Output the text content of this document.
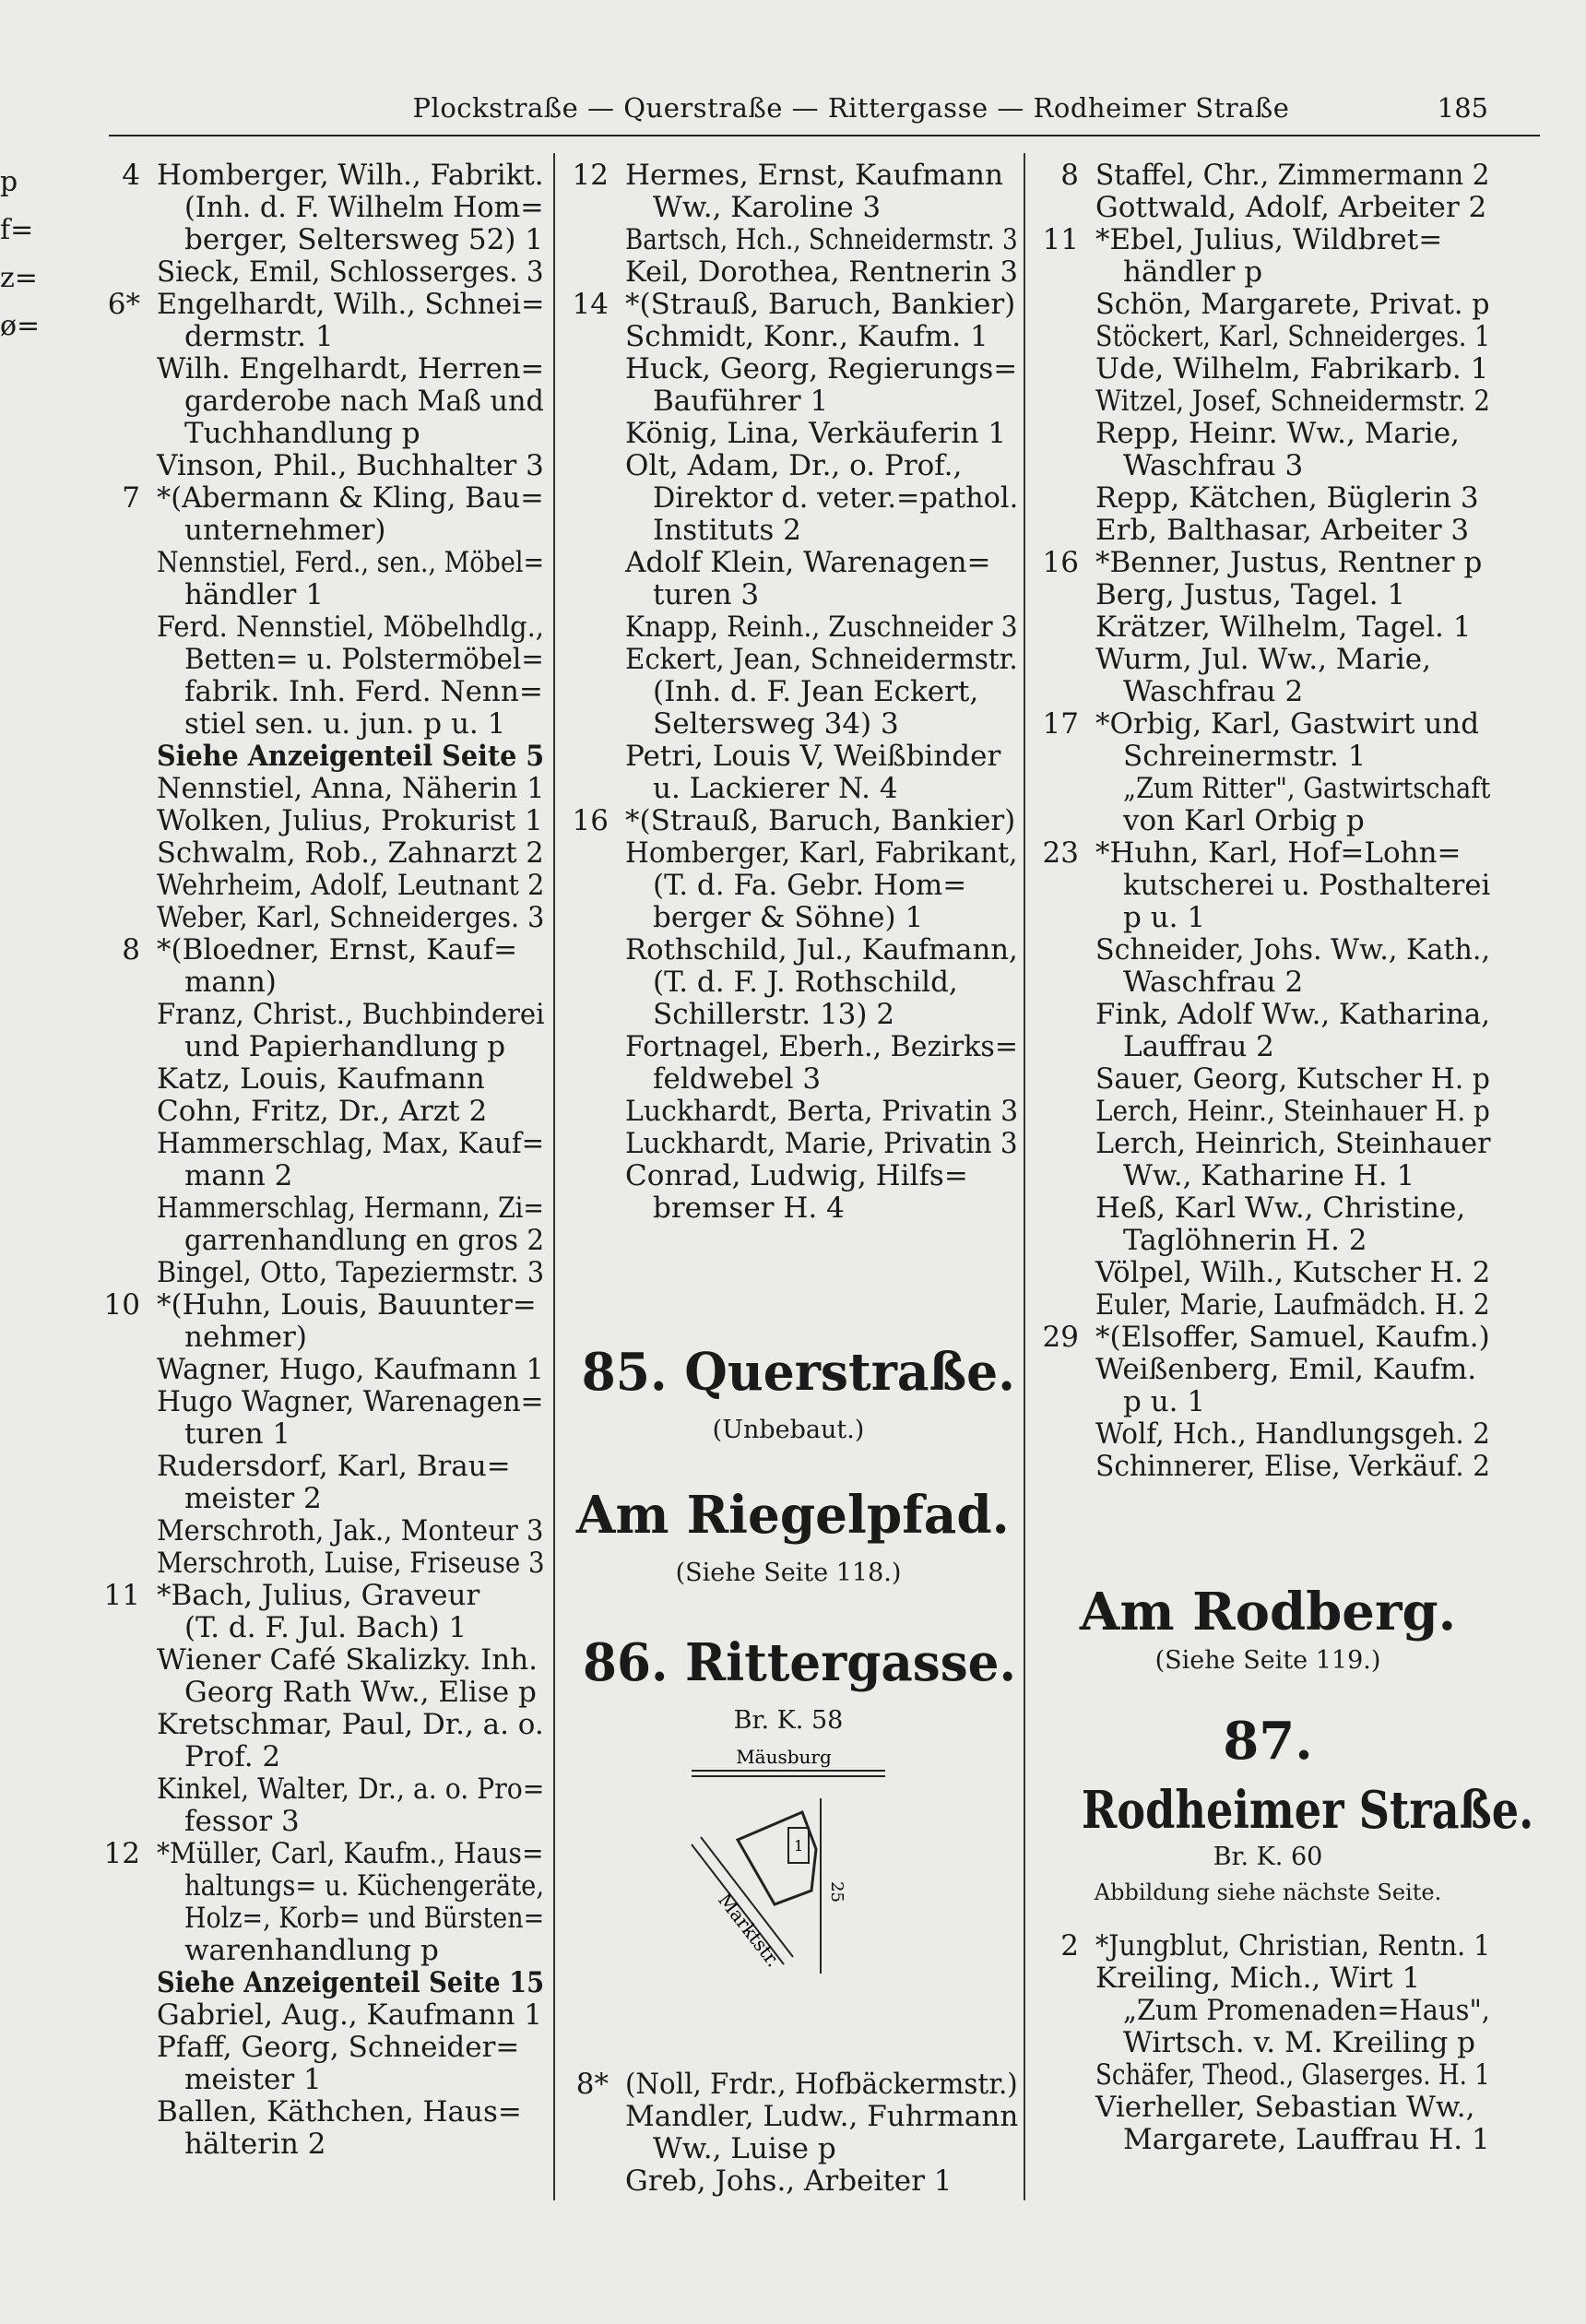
Plockstraße — Querstraße — Rittergasse — Rodheimer Straße	185
p
f=
z=
ø=
4 Homberger, Wilh., Fabrikt.
(Inh. d. F. Wilhelm Hom=
berger, Seltersweg 52) 1
Sieck, Emil, Schlosserges. 3
6* Engelhardt, Wilh., Schnei=
dermstr. 1
Wilh. Engelhardt, Herren=
garderobe nach Maß und
Tuchhandlung p
Vinson, Phil., Buchhalter 3
7 *(Abermann & Kling, Bau=
unternehmer)
Nennstiel, Ferd., sen., Möbel=
händler 1
Ferd. Nennstiel, Möbelhdlg.,
Betten= u. Polstermöbel=
fabrik. Inh. Ferd. Nenn=
stiel sen. u. jun. p u. 1
Siehe Anzeigenteil Seite 5
Nennstiel, Anna, Näherin 1
Wolken, Julius, Prokurist 1
Schwalm, Rob., Zahnarzt 2
Wehrheim, Adolf, Leutnant 2
Weber, Karl, Schneiderges. 3
8 *(Bloedner, Ernst, Kauf=
mann)
Franz, Christ., Buchbinderei
und Papierhandlung p
Katz, Louis, Kaufmann
Cohn, Fritz, Dr., Arzt 2
Hammerschlag, Max, Kauf=
mann 2
Hammerschlag, Hermann, Zi=
garrenhandlung en gros 2
Bingel, Otto, Tapeziermstr. 3
10 *(Huhn, Louis, Bauunter=
nehmer)
Wagner, Hugo, Kaufmann 1
Hugo Wagner, Warenagen=
turen 1
Rudersdorf, Karl, Brau=
meister 2
Merschroth, Jak., Monteur 3
Merschroth, Luise, Friseuse 3
11 *Bach, Julius, Graveur
(T. d. F. Jul. Bach) 1
Wiener Café Skalizky. Inh.
Georg Rath Ww., Elise p
Kretschmar, Paul, Dr., a. o.
Prof. 2
Kinkel, Walter, Dr., a. o. Pro=
fessor 3
12 *Müller, Carl, Kaufm., Haus=
haltungs= u. Küchengeräte,
Holz=, Korb= und Bürsten=
warenhandlung p
Siehe Anzeigenteil Seite 15
Gabriel, Aug., Kaufmann 1
Pfaff, Georg, Schneider=
meister 1
Ballen, Käthchen, Haus=
hälterin 2
85. Querstraße.
(Unbebaut.)
Am Riegelpfad.
(Siehe Seite 118.)
86. Rittergasse.
Br. K. 58
Mäusburg
Marktstr.
1
25
12 Hermes, Ernst, Kaufmann
Ww., Karoline 3
Bartsch, Hch., Schneidermstr. 3
Keil, Dorothea, Rentnerin 3
14 *(Strauß, Baruch, Bankier)
Schmidt, Konr., Kaufm. 1
Huck, Georg, Regierungs=
Bauführer 1
König, Lina, Verkäuferin 1
Olt, Adam, Dr., o. Prof.,
Direktor d. veter.=pathol.
Instituts 2
Adolf Klein, Warenagen=
turen 3
Knapp, Reinh., Zuschneider 3
Eckert, Jean, Schneidermstr.
(Inh. d. F. Jean Eckert,
Seltersweg 34) 3
Petri, Louis V, Weißbinder
u. Lackierer N. 4
16 *(Strauß, Baruch, Bankier)
Homberger, Karl, Fabrikant,
(T. d. Fa. Gebr. Hom=
berger & Söhne) 1
Rothschild, Jul., Kaufmann,
(T. d. F. J. Rothschild,
Schillerstr. 13) 2
Fortnagel, Eberh., Bezirks=
feldwebel 3
Luckhardt, Berta, Privatin 3
Luckhardt, Marie, Privatin 3
Conrad, Ludwig, Hilfs=
bremser H. 4
8* (Noll, Frdr., Hofbäckermstr.)
Mandler, Ludw., Fuhrmann
Ww., Luise p
Greb, Johs., Arbeiter 1
Am Rodberg.
(Siehe Seite 119.)
87.
Rodheimer Straße.
Br. K. 60
Abbildung siehe nächste Seite.
8 Staffel, Chr., Zimmermann 2
Gottwald, Adolf, Arbeiter 2
11 *Ebel, Julius, Wildbret=
händler p
Schön, Margarete, Privat. p
Stöckert, Karl, Schneiderges. 1
Ude, Wilhelm, Fabrikarb. 1
Witzel, Josef, Schneidermstr. 2
Repp, Heinr. Ww., Marie,
Waschfrau 3
Repp, Kätchen, Büglerin 3
Erb, Balthasar, Arbeiter 3
16 *Benner, Justus, Rentner p
Berg, Justus, Tagel. 1
Krätzer, Wilhelm, Tagel. 1
Wurm, Jul. Ww., Marie,
Waschfrau 2
17 *Orbig, Karl, Gastwirt und
Schreinermstr. 1
„Zum Ritter", Gastwirtschaft
von Karl Orbig p
23 *Huhn, Karl, Hof=Lohn=
kutscherei u. Posthalterei
p u. 1
Schneider, Johs. Ww., Kath.,
Waschfrau 2
Fink, Adolf Ww., Katharina,
Lauffrau 2
Sauer, Georg, Kutscher H. p
Lerch, Heinr., Steinhauer H. p
Lerch, Heinrich, Steinhauer
Ww., Katharine H. 1
Heß, Karl Ww., Christine,
Taglöhnerin H. 2
Völpel, Wilh., Kutscher H. 2
Euler, Marie, Laufmädch. H. 2
29 *(Elsoffer, Samuel, Kaufm.)
Weißenberg, Emil, Kaufm.
p u. 1
Wolf, Hch., Handlungsgeh. 2
Schinnerer, Elise, Verkäuf. 2
2 *Jungblut, Christian, Rentn. 1
Kreiling, Mich., Wirt 1
„Zum Promenaden=Haus",
Wirtsch. v. M. Kreiling p
Schäfer, Theod., Glaserges. H. 1
Vierheller, Sebastian Ww.,
Margarete, Lauffrau H. 1
